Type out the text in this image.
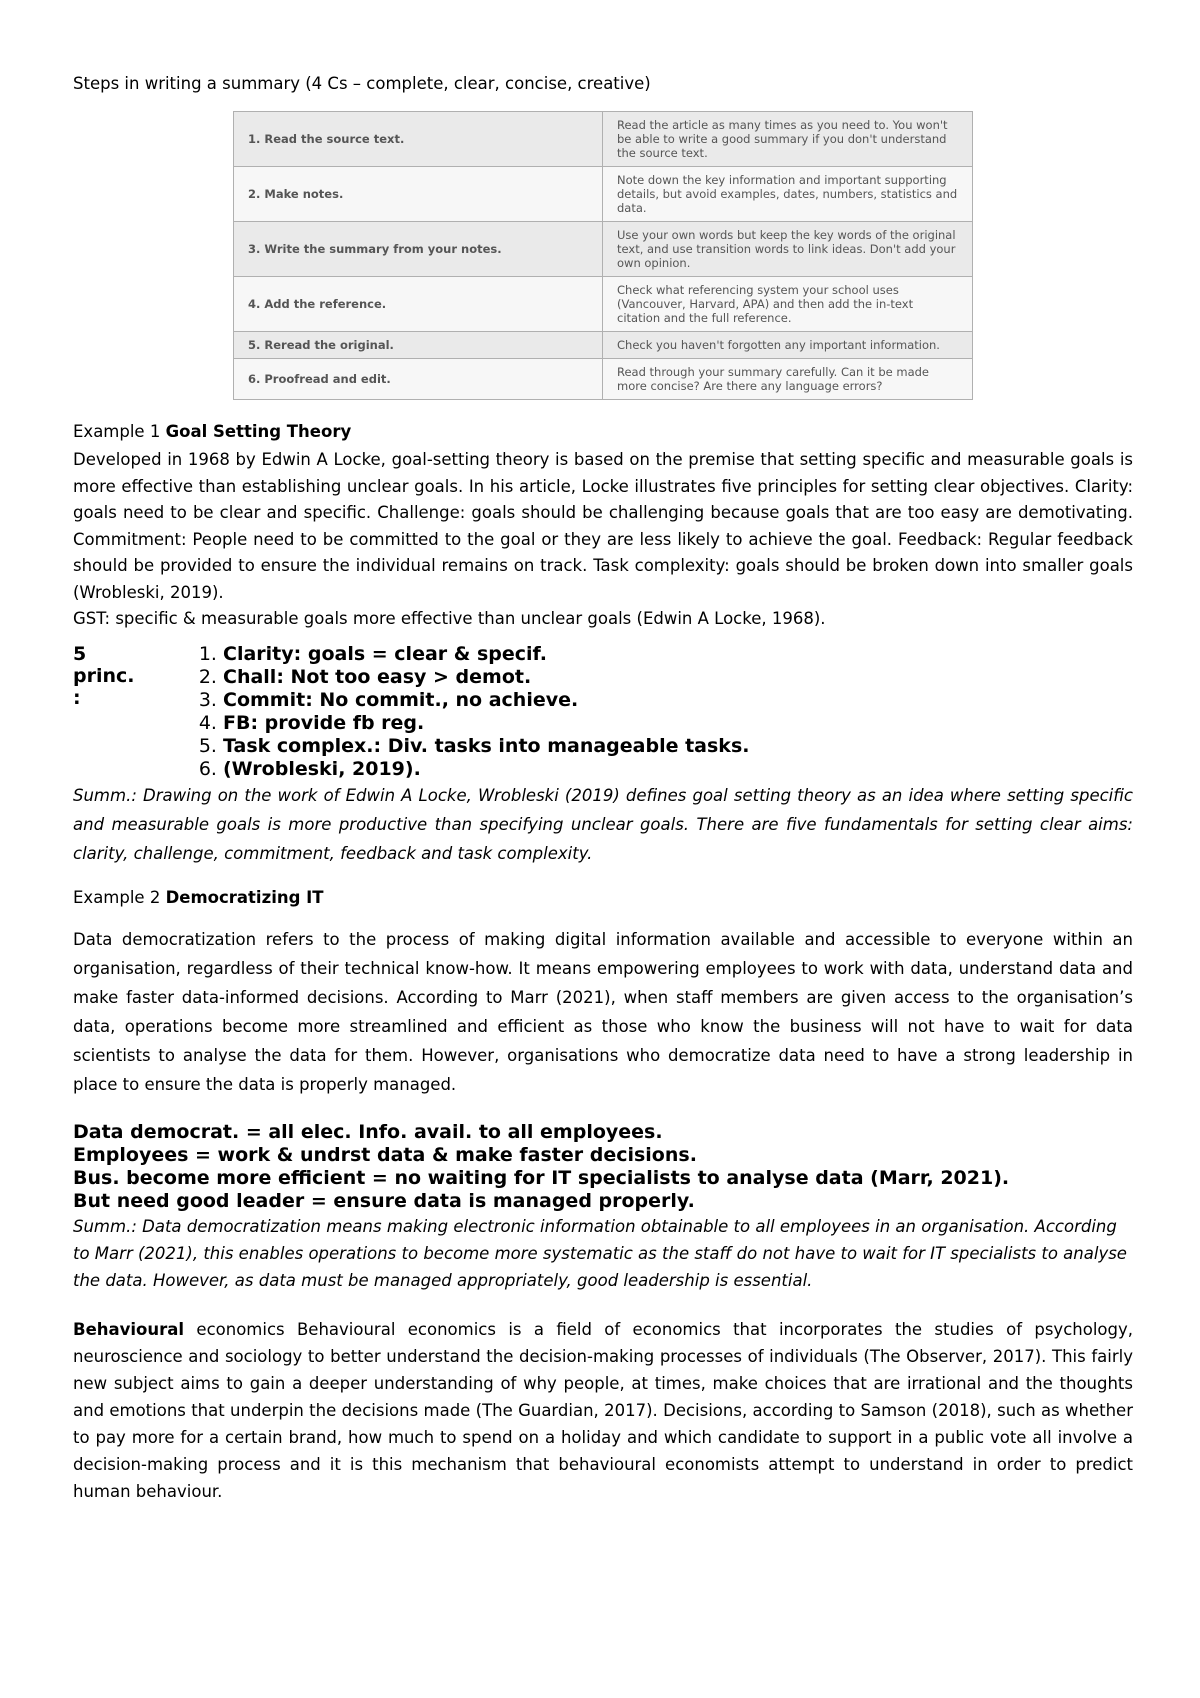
Steps in writing a summary (4 Cs – complete, clear, concise, creative)
1. Read the source text.	Read the article as many times as you need to. You won't be able to write a good summary if you don't understand the source text.
2. Make notes.	Note down the key information and important supporting details, but avoid examples, dates, numbers, statistics and data.
3. Write the summary from your notes.	Use your own words but keep the key words of the original text, and use transition words to link ideas. Don't add your own opinion.
4. Add the reference.	Check what referencing system your school uses (Vancouver, Harvard, APA) and then add the in-text citation and the full reference.
5. Reread the original.	Check you haven't forgotten any important information.
6. Proofread and edit.	Read through your summary carefully. Can it be made more concise? Are there any language errors?
Example 1 Goal Setting Theory

Developed in 1968 by Edwin A Locke, goal-setting theory is based on the premise that setting specific and measurable goals is more effective than establishing unclear goals. In his article, Locke illustrates five principles for setting clear objectives. Clarity: goals need to be clear and specific. Challenge: goals should be challenging because goals that are too easy are demotivating. Commitment: People need to be committed to the goal or they are less likely to achieve the goal. Feedback: Regular feedback should be provided to ensure the individual remains on track. Task complexity: goals should be broken down into smaller goals (Wrobleski, 2019).

GST: specific & measurable goals more effective than unclear goals (Edwin A Locke, 1968).

5
princ.
:
1. Clarity: goals = clear & specif.
2. Chall: Not too easy > demot.
3. Commit: No commit., no achieve.
4. FB: provide fb reg.
5. Task complex.: Div. tasks into manageable tasks.
6. (Wrobleski, 2019).

Summ.: Drawing on the work of Edwin A Locke, Wrobleski (2019) defines goal setting theory as an idea where setting specific and measurable goals is more productive than specifying unclear goals. There are five fundamentals for setting clear aims: clarity, challenge, commitment, feedback and task complexity.

Example 2 Democratizing IT

Data democratization refers to the process of making digital information available and accessible to everyone within an organisation, regardless of their technical know-how. It means empowering employees to work with data, understand data and make faster data-informed decisions. According to Marr (2021), when staff members are given access to the organisation’s data, operations become more streamlined and efficient as those who know the business will not have to wait for data scientists to analyse the data for them. However, organisations who democratize data need to have a strong leadership in place to ensure the data is properly managed.

Data democrat. = all elec. Info. avail. to all employees.

Employees = work & undrst data & make faster decisions.

Bus. become more efficient = no waiting for IT specialists to analyse data (Marr, 2021).

But need good leader = ensure data is managed properly.

Summ.: Data democratization means making electronic information obtainable to all employees in an organisation. According to Marr (2021), this enables operations to become more systematic as the staff do not have to wait for IT specialists to analyse the data. However, as data must be managed appropriately, good leadership is essential.

Behavioural economics Behavioural economics is a field of economics that incorporates the studies of psychology, neuroscience and sociology to better understand the decision-making processes of individuals (The Observer, 2017). This fairly new subject aims to gain a deeper understanding of why people, at times, make choices that are irrational and the thoughts and emotions that underpin the decisions made (The Guardian, 2017). Decisions, according to Samson (2018), such as whether to pay more for a certain brand, how much to spend on a holiday and which candidate to support in a public vote all involve a decision-making process and it is this mechanism that behavioural economists attempt to understand in order to predict human behaviour.
